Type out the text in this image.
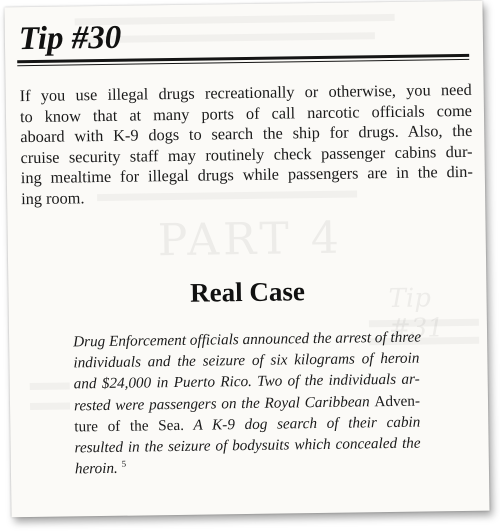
PART 4
Tip #31
Tip #30

If you use illegal drugs recreationally or otherwise, you need
to know that at many ports of call narcotic officials come
aboard with K-9 dogs to search the ship for drugs. Also, the
cruise security staff may routinely check passenger cabins dur-
ing mealtime for illegal drugs while passengers are in the din-
ing room.

Real Case

Drug Enforcement officials announced the arrest of three
individuals and the seizure of six kilograms of heroin
and $24,000 in Puerto Rico. Two of the individuals ar-
rested were passengers on the Royal Caribbean Adven-
ture of the Sea. A K-9 dog search of their cabin
resulted in the seizure of bodysuits which concealed the
heroin. $^5$
